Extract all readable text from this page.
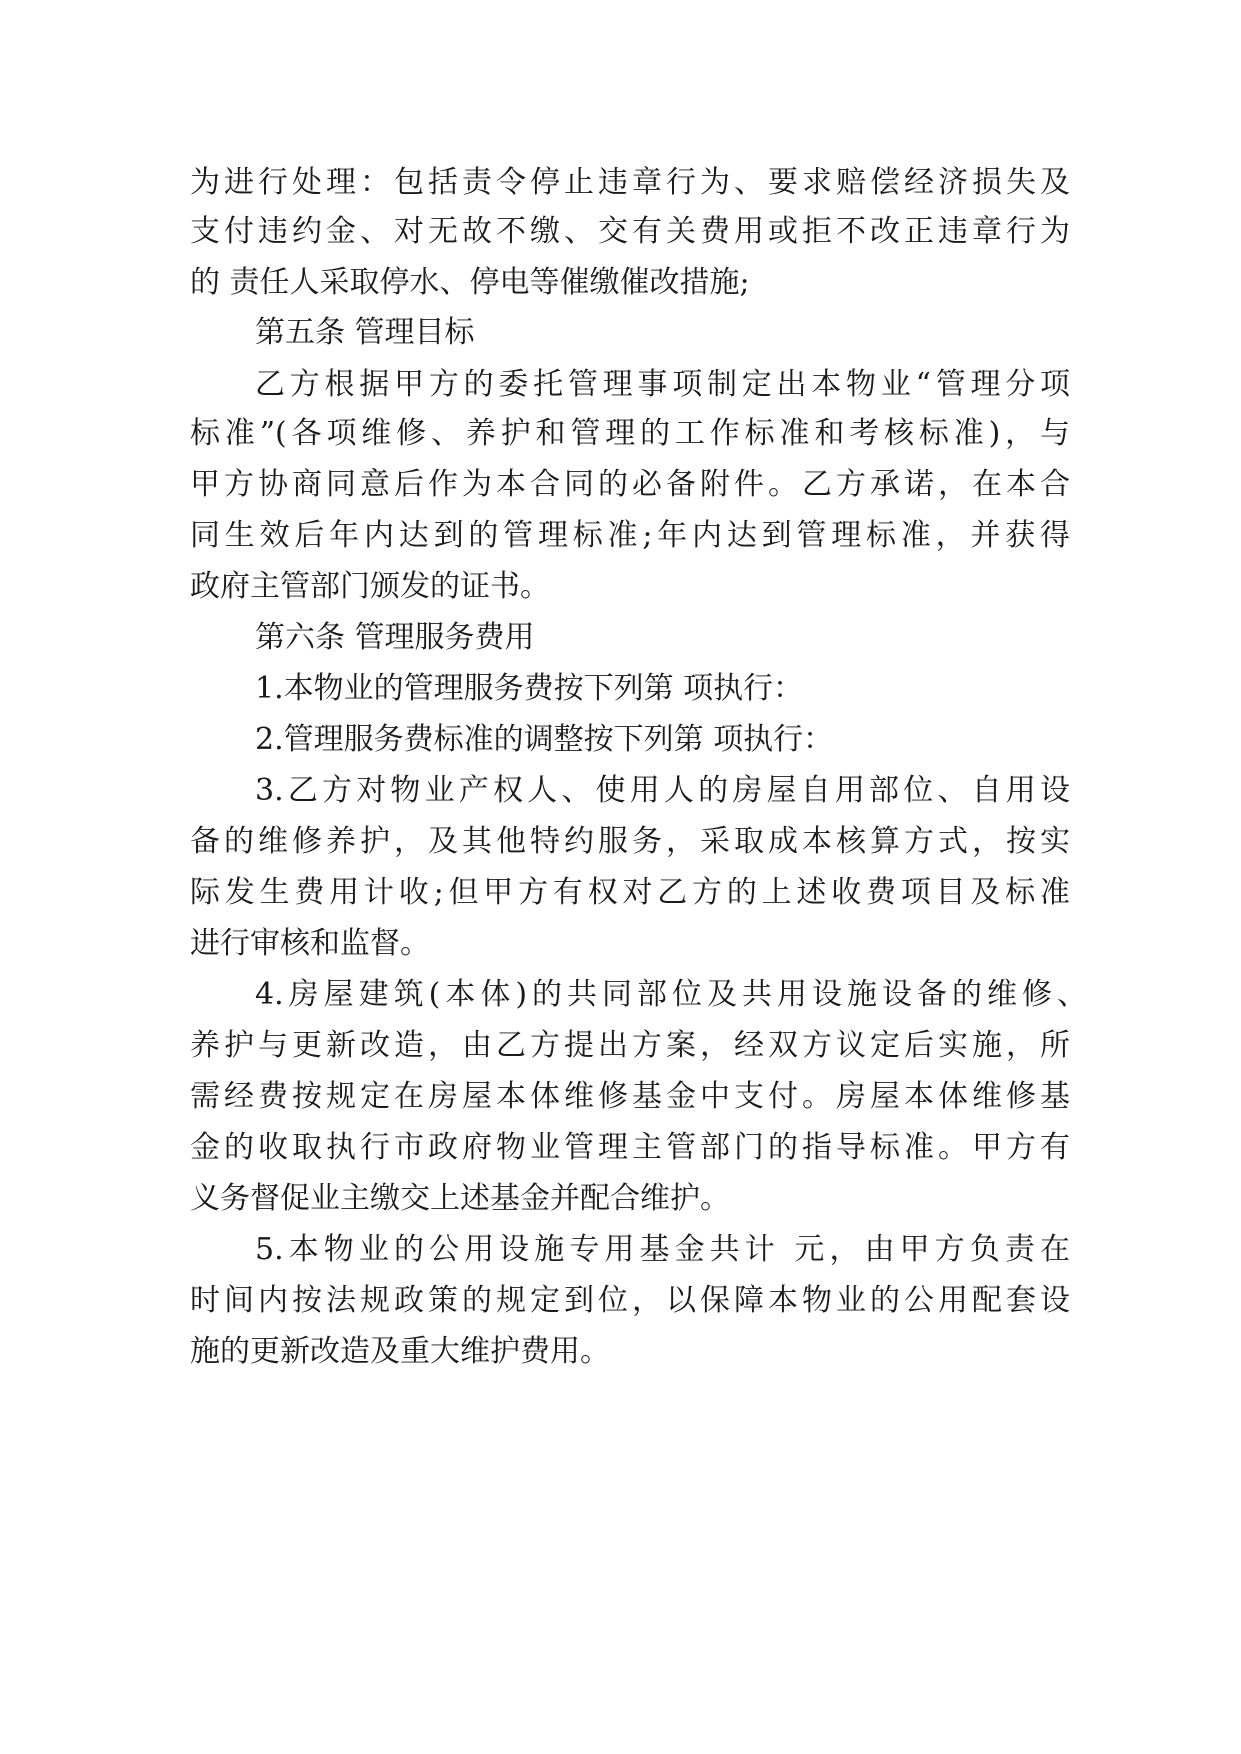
为进行处理：包括责令停止违章行为、要求赔偿经济损失及
支付违约金、对无故不缴、交有关费用或拒不改正违章行为
的 责任人采取停水、停电等催缴催改措施;
第五条 管理目标
乙方根据甲方的委托管理事项制定出本物业“管理分项
标准”(各项维修、养护和管理的工作标准和考核标准)，与
甲方协商同意后作为本合同的必备附件。乙方承诺，在本合
同生效后年内达到的管理标准;年内达到管理标准，并获得
政府主管部门颁发的证书。
第六条 管理服务费用
1.本物业的管理服务费按下列第 项执行：
2.管理服务费标准的调整按下列第 项执行：
3.乙方对物业产权人、使用人的房屋自用部位、自用设
备的维修养护，及其他特约服务，采取成本核算方式，按实
际发生费用计收;但甲方有权对乙方的上述收费项目及标准
进行审核和监督。
4.房屋建筑(本体)的共同部位及共用设施设备的维修、
养护与更新改造，由乙方提出方案，经双方议定后实施，所
需经费按规定在房屋本体维修基金中支付。房屋本体维修基
金的收取执行市政府物业管理主管部门的指导标准。甲方有
义务督促业主缴交上述基金并配合维护。
5.本物业的公用设施专用基金共计 元，由甲方负责在
时间内按法规政策的规定到位，以保障本物业的公用配套设
施的更新改造及重大维护费用。
